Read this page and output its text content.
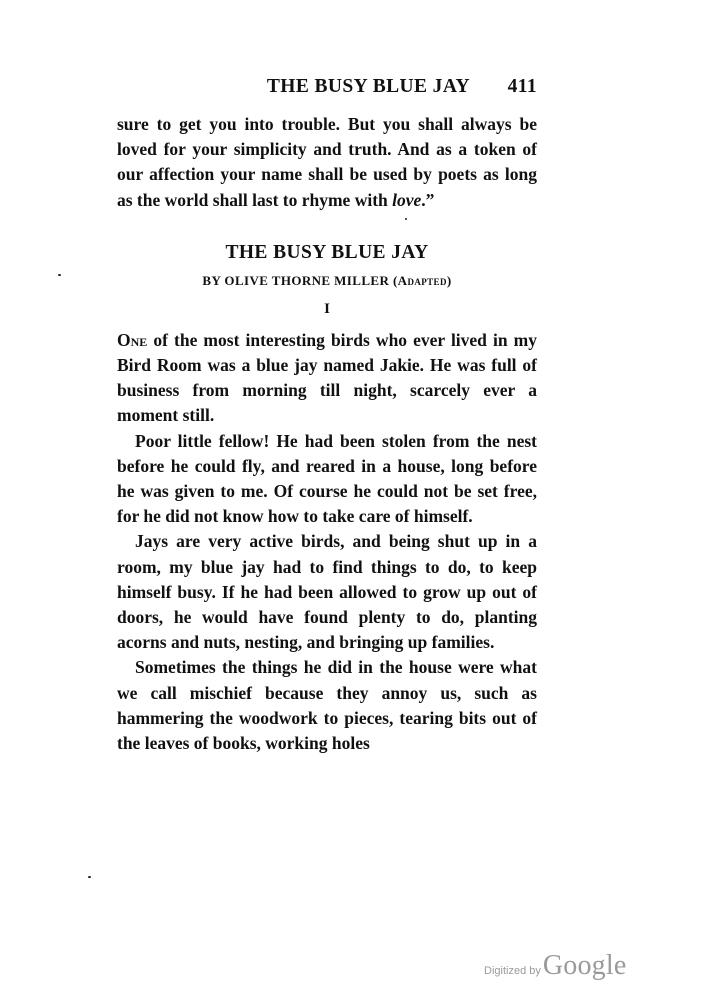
THE BUSY BLUE JAY 411

sure to get you into trouble. But you shall always be loved for your simplicity and truth. And as a token of our affection your name shall be used by poets as long as the world shall last to rhyme with love.”

THE BUSY BLUE JAY
BY OLIVE THORNE MILLER (Adapted)
I

One of the most interesting birds who ever lived in my Bird Room was a blue jay named Jakie. He was full of business from morning till night, scarcely ever a moment still.

Poor little fellow! He had been stolen from the nest before he could fly, and reared in a house, long before he was given to me. Of course he could not be set free, for he did not know how to take care of himself.

Jays are very active birds, and being shut up in a room, my blue jay had to find things to do, to keep himself busy. If he had been allowed to grow up out of doors, he would have found plenty to do, planting acorns and nuts, nesting, and bringing up families.

Sometimes the things he did in the house were what we call mischief because they annoy us, such as hammering the woodwork to pieces, tearing bits out of the leaves of books, working holes

Digitized by Google
